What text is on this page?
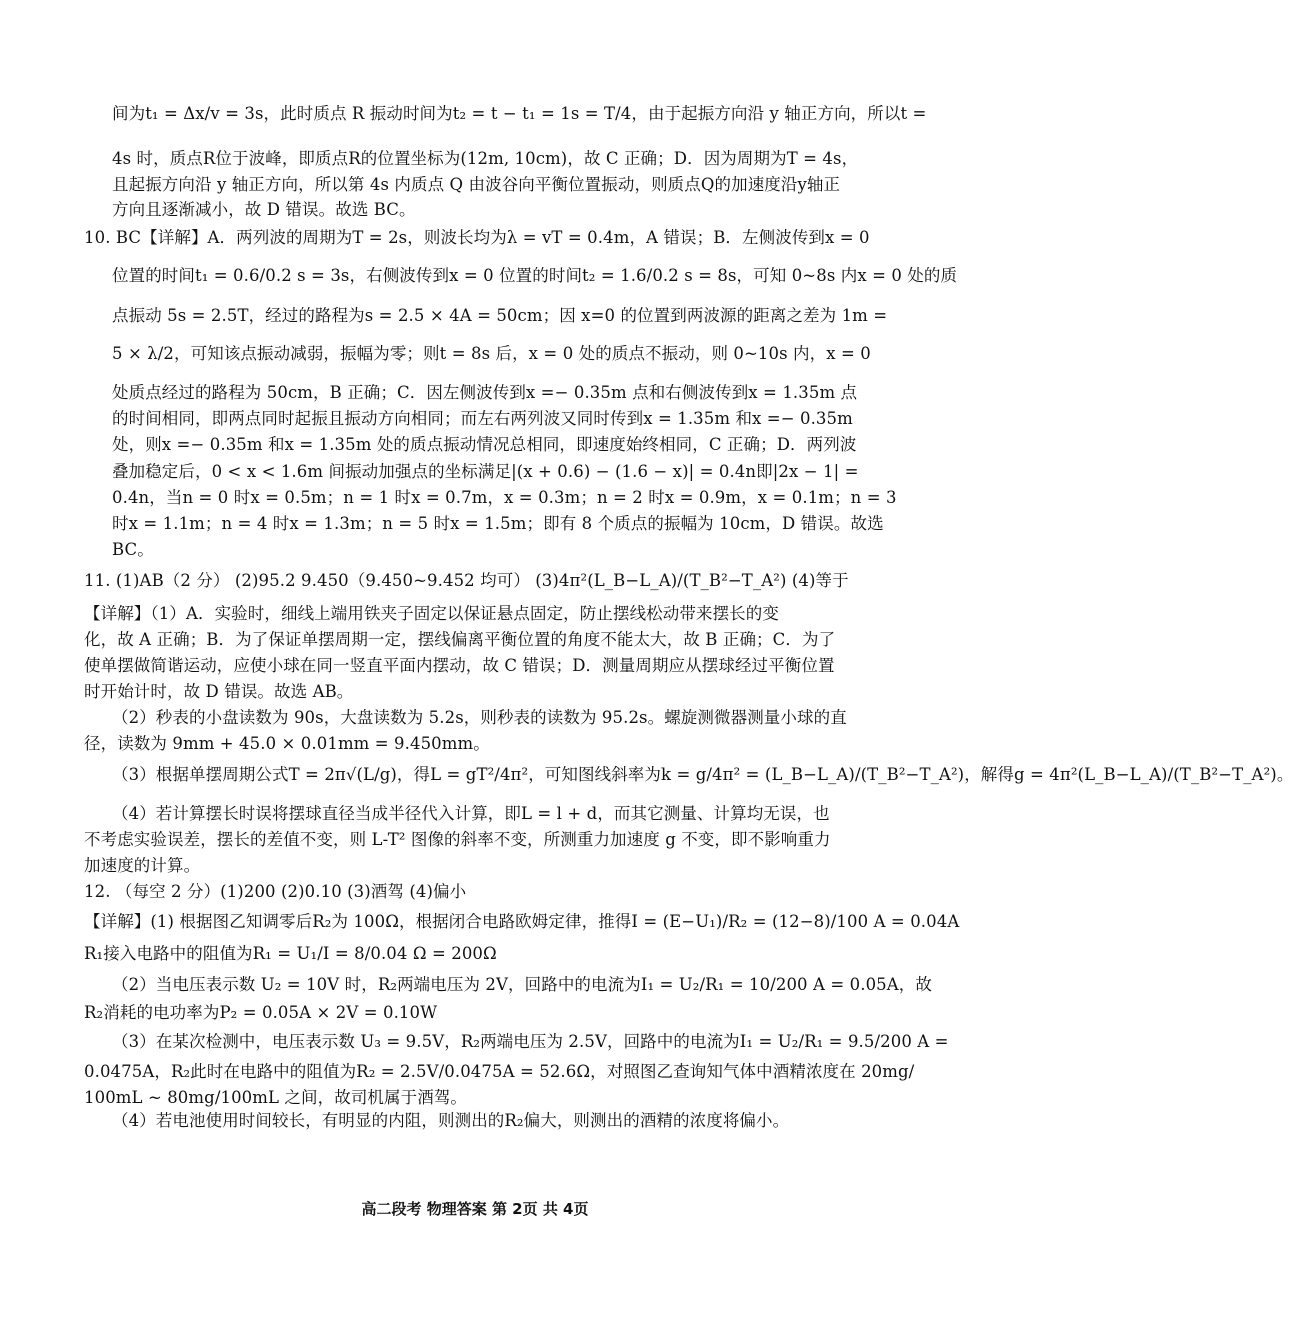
间为t₁ = Δx/v = 3s，此时质点 R 振动时间为t₂ = t − t₁ = 1s = T/4，由于起振方向沿 y 轴正方向，所以t =
4s 时，质点R位于波峰，即质点R的位置坐标为(12m, 10cm)，故 C 正确；D．因为周期为T = 4s，
且起振方向沿 y 轴正方向，所以第 4s 内质点 Q 由波谷向平衡位置振动，则质点Q的加速度沿y轴正
方向且逐渐减小，故 D 错误。故选 BC。
10. BC【详解】A．两列波的周期为T = 2s，则波长均为λ = vT = 0.4m，A 错误；B．左侧波传到x = 0
位置的时间t₁ = 0.6/0.2 s = 3s，右侧波传到x = 0 位置的时间t₂ = 1.6/0.2 s = 8s，可知 0~8s 内x = 0 处的质
点振动 5s = 2.5T，经过的路程为s = 2.5 × 4A = 50cm；因 x=0 的位置到两波源的距离之差为 1m =
5 × λ/2，可知该点振动减弱，振幅为零；则t = 8s 后，x = 0 处的质点不振动，则 0~10s 内，x = 0
处质点经过的路程为 50cm，B 正确；C．因左侧波传到x =− 0.35m 点和右侧波传到x = 1.35m 点
的时间相同，即两点同时起振且振动方向相同；而左右两列波又同时传到x = 1.35m 和x =− 0.35m
处，则x =− 0.35m 和x = 1.35m 处的质点振动情况总相同，即速度始终相同，C 正确；D．两列波
叠加稳定后，0 < x < 1.6m 间振动加强点的坐标满足|(x + 0.6) − (1.6 − x)| = 0.4n即|2x − 1| =
0.4n，当n = 0 时x = 0.5m；n = 1 时x = 0.7m，x = 0.3m；n = 2 时x = 0.9m，x = 0.1m；n = 3
时x = 1.1m；n = 4 时x = 1.3m；n = 5 时x = 1.5m；即有 8 个质点的振幅为 10cm，D 错误。故选
BC。
11. (1)AB（2 分） (2)95.2 9.450（9.450~9.452 均可） (3)4π²(L_B−L_A)/(T_B²−T_A²) (4)等于
【详解】（1）A．实验时，细线上端用铁夹子固定以保证悬点固定，防止摆线松动带来摆长的变
化，故 A 正确；B．为了保证单摆周期一定，摆线偏离平衡位置的角度不能太大，故 B 正确；C．为了
使单摆做简谐运动，应使小球在同一竖直平面内摆动，故 C 错误；D．测量周期应从摆球经过平衡位置
时开始计时，故 D 错误。故选 AB。
（2）秒表的小盘读数为 90s，大盘读数为 5.2s，则秒表的读数为 95.2s。螺旋测微器测量小球的直
径，读数为 9mm + 45.0 × 0.01mm = 9.450mm。
（3）根据单摆周期公式T = 2π√(L/g)，得L = gT²/4π²，可知图线斜率为k = g/4π² = (L_B−L_A)/(T_B²−T_A²)，解得g = 4π²(L_B−L_A)/(T_B²−T_A²)。
（4）若计算摆长时误将摆球直径当成半径代入计算，即L = l + d，而其它测量、计算均无误，也
不考虑实验误差，摆长的差值不变，则 L-T² 图像的斜率不变，所测重力加速度 g 不变，即不影响重力
加速度的计算。
12. （每空 2 分）(1)200 (2)0.10 (3)酒驾 (4)偏小
【详解】(1) 根据图乙知调零后R₂为 100Ω，根据闭合电路欧姆定律，推得I = (E−U₁)/R₂ = (12−8)/100 A = 0.04A
R₁接入电路中的阻值为R₁ = U₁/I = 8/0.04 Ω = 200Ω
（2）当电压表示数 U₂ = 10V 时，R₂两端电压为 2V，回路中的电流为I₁ = U₂/R₁ = 10/200 A = 0.05A，故
R₂消耗的电功率为P₂ = 0.05A × 2V = 0.10W
（3）在某次检测中，电压表示数 U₃ = 9.5V，R₂两端电压为 2.5V，回路中的电流为I₁ = U₂/R₁ = 9.5/200 A =
0.0475A，R₂此时在电路中的阻值为R₂ = 2.5V/0.0475A = 52.6Ω，对照图乙查询知气体中酒精浓度在 20mg/
100mL ~ 80mg/100mL 之间，故司机属于酒驾。
（4）若电池使用时间较长，有明显的内阻，则测出的R₂偏大，则测出的酒精的浓度将偏小。
高二段考 物理答案 第 2页 共 4页
